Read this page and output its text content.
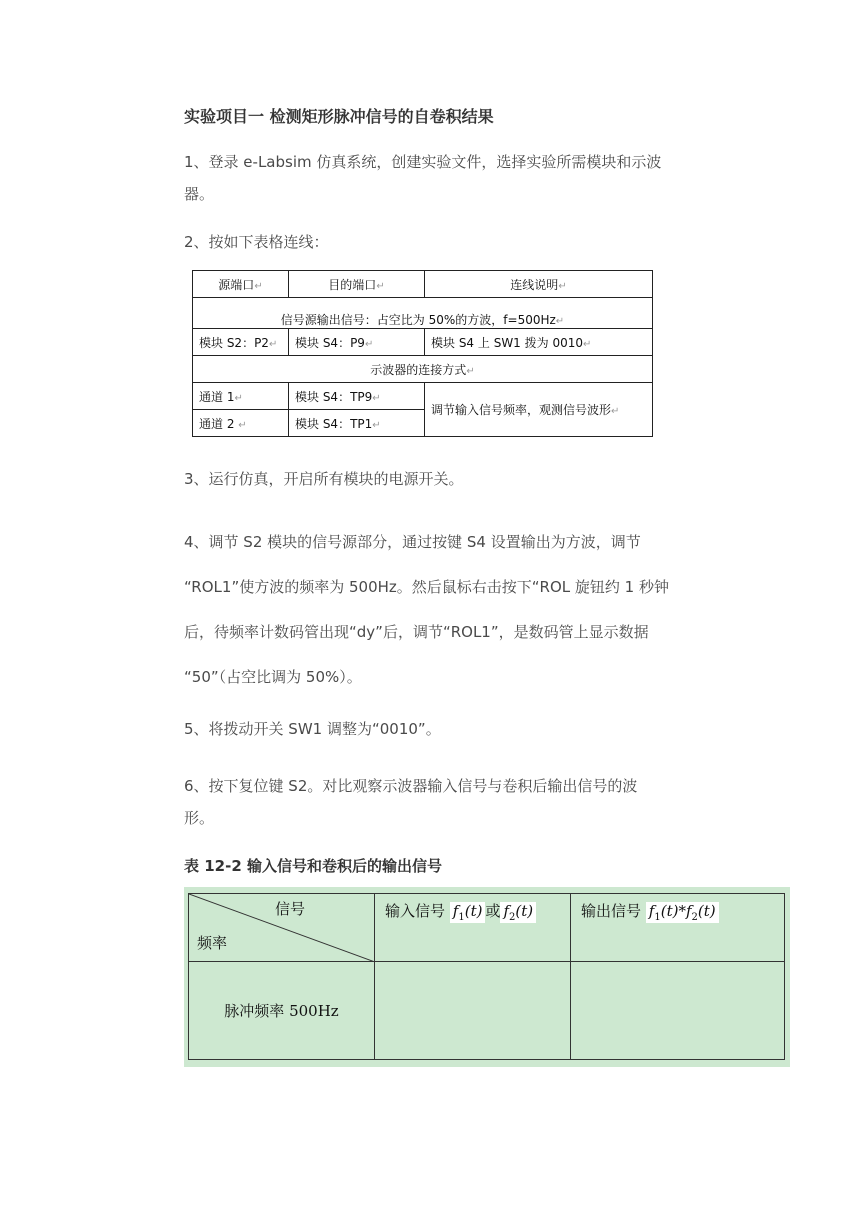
实验项目一 检测矩形脉冲信号的自卷积结果
1、登录 e-Labsim 仿真系统，创建实验文件，选择实验所需模块和示波
器。
2、按如下表格连线：
源端口↵	目的端口↵	连线说明↵
信号源输出信号：占空比为 50%的方波，f=500Hz↵		
模块 S2：P2↵	模块 S4：P9↵	模块 S4 上 SW1 拨为 0010↵
示波器的连接方式↵		
通道 1↵	模块 S4：TP9↵	调节输入信号频率，观测信号波形↵
通道 2 ↵	模块 S4：TP1↵	
3、运行仿真，开启所有模块的电源开关。
4、调节 S2 模块的信号源部分，通过按键 S4 设置输出为方波，调节
“ROL1”使方波的频率为 500Hz。然后鼠标右击按下“ROL 旋钮约 1 秒钟
后，待频率计数码管出现“dy”后，调节“ROL1”，是数码管上显示数据
“50”（占空比调为 50%）。
5、将拨动开关 SW1 调整为“0010”。
6、按下复位键 S2。对比观察示波器输入信号与卷积后输出信号的波
形。
表 12-2 输入信号和卷积后的输出信号
信号
频率	输入信号 $f_1(t)$ 或 $f_2(t)$	输出信号 $f_1(t)*f_2(t)$
脉冲频率 500Hz		
